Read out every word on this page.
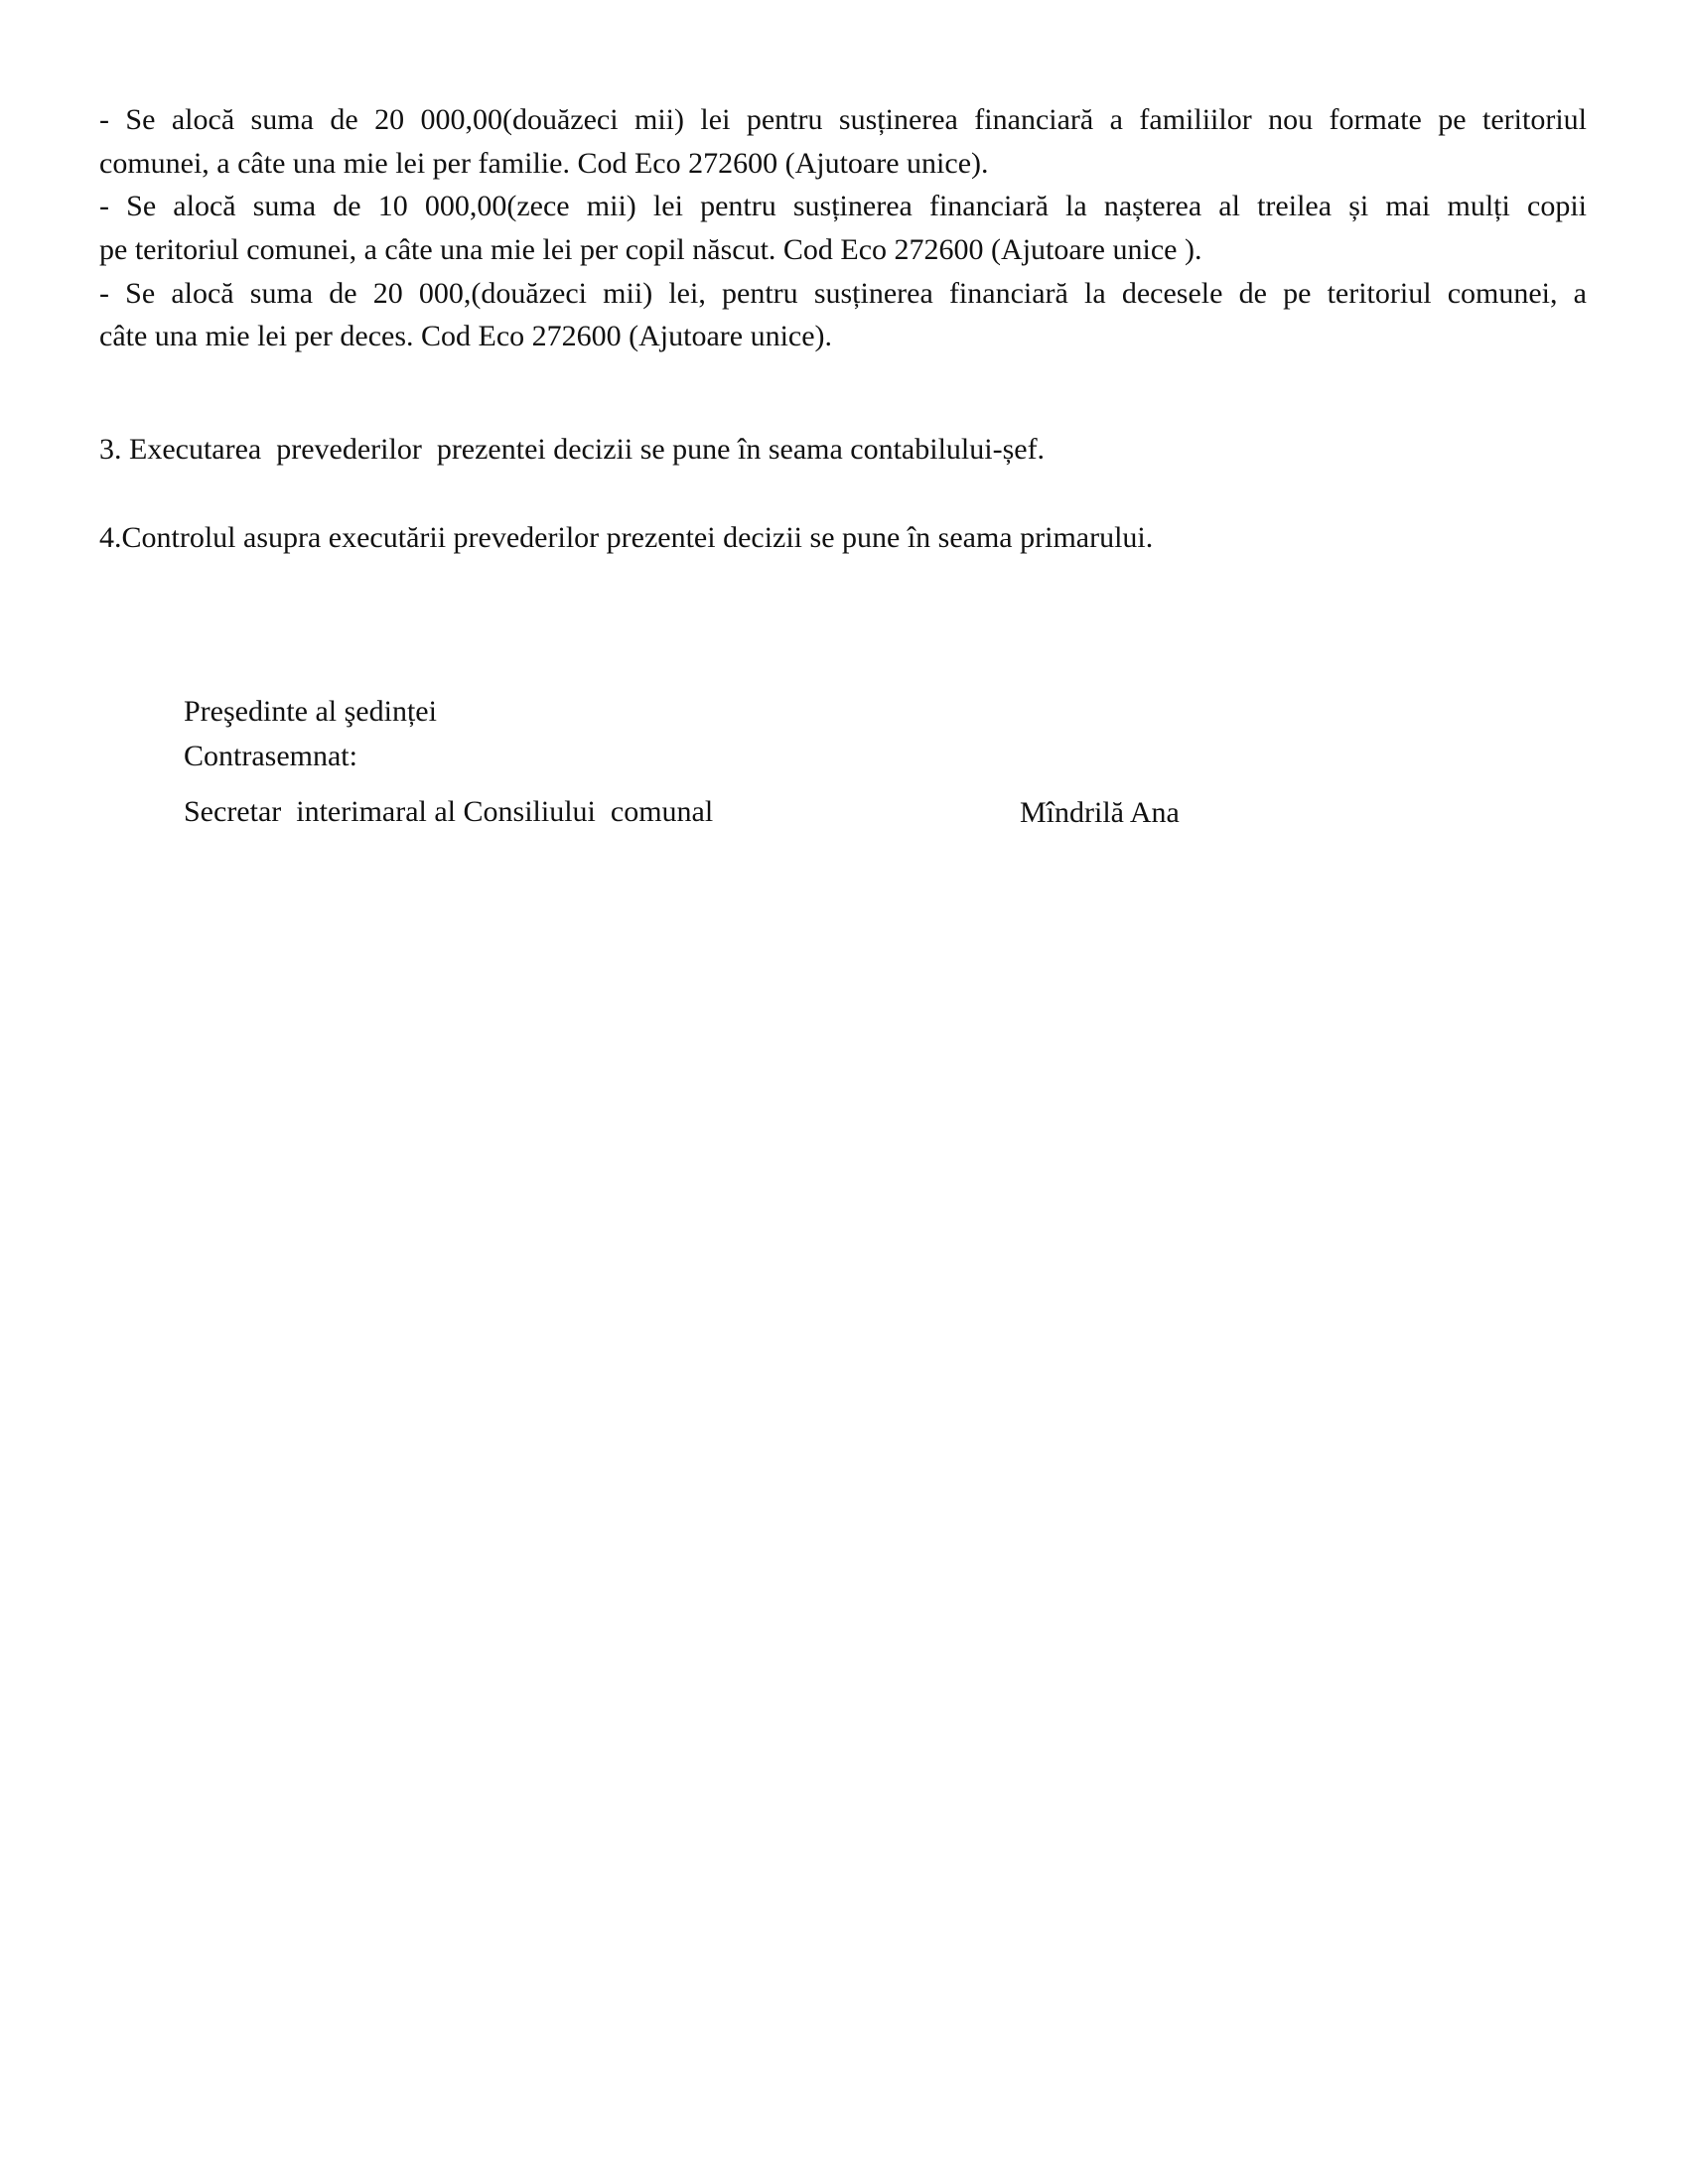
- Se alocă suma de 20 000,00(douăzeci mii) lei pentru susținerea financiară a familiilor nou formate pe teritoriul
comunei, a câte una mie lei per familie. Cod Eco 272600 (Ajutoare unice).
- Se alocă suma de 10 000,00(zece mii) lei pentru susținerea financiară la nașterea al treilea și mai mulți copii
pe teritoriul comunei, a câte una mie lei per copil născut. Cod Eco 272600 (Ajutoare unice ).
- Se alocă suma de 20 000,(douăzeci mii) lei, pentru susținerea financiară la decesele de pe teritoriul comunei, a
câte una mie lei per deces. Cod Eco 272600 (Ajutoare unice).
3. Executarea  prevederilor  prezentei decizii se pune în seama contabilului-șef.
4.Controlul asupra executării prevederilor prezentei decizii se pune în seama primarului.
Preşedinte al şedinței
Contrasemnat:
Secretar  interimaral al Consiliului  comunal	Mîndrilă Ana
